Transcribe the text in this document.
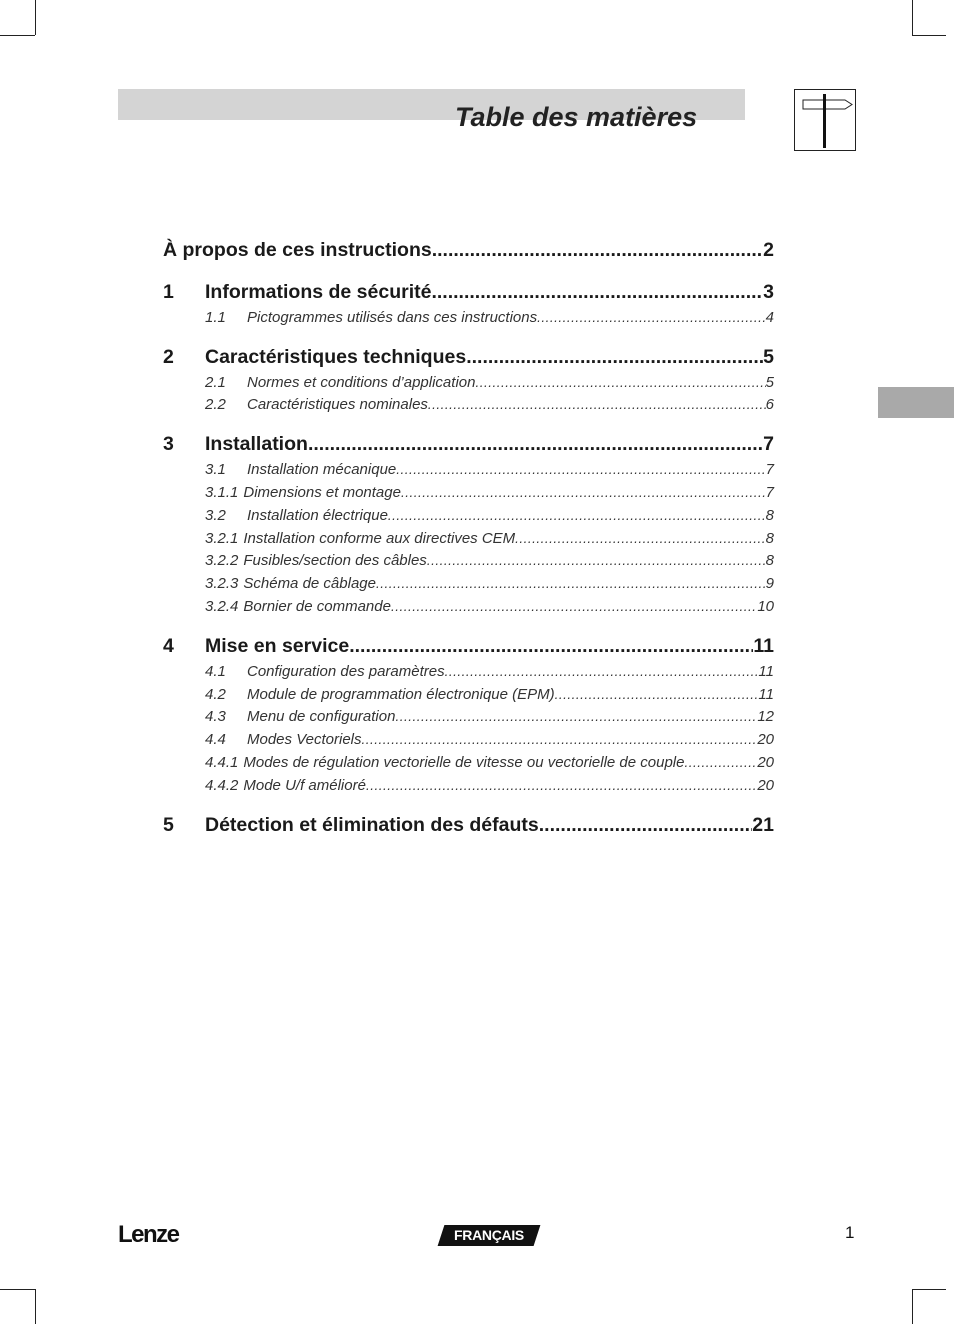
Table des matières
À propos de ces instructions .....	2
1	Informations de sécurité .....	3
1.1	Pictogrammes utilisés dans ces instructions .....	4
2	Caractéristiques techniques .....	5
2.1	Normes et conditions d’application .....	5
2.2	Caractéristiques nominales .....	6
3	Installation .....	7
3.1	Installation mécanique .....	7
3.1.1 Dimensions et montage .....	7
3.2	Installation électrique .....	8
3.2.1 Installation conforme aux directives CEM .....	8
3.2.2 Fusibles/section des câbles .....	8
3.2.3 Schéma de câblage .....	9
3.2.4 Bornier de commande .....	10
4	Mise en service .....	11
4.1	Configuration des paramètres .....	11
4.2	Module de programmation électronique (EPM) .....	11
4.3	Menu de configuration .....	12
4.4	Modes Vectoriels .....	20
4.4.1 Modes de régulation vectorielle de vitesse ou vectorielle de couple .....	20
4.4.2 Mode U/f amélioré .....	20
5	Détection et élimination des défauts .....	21
Lenze	FRANÇAIS	1
